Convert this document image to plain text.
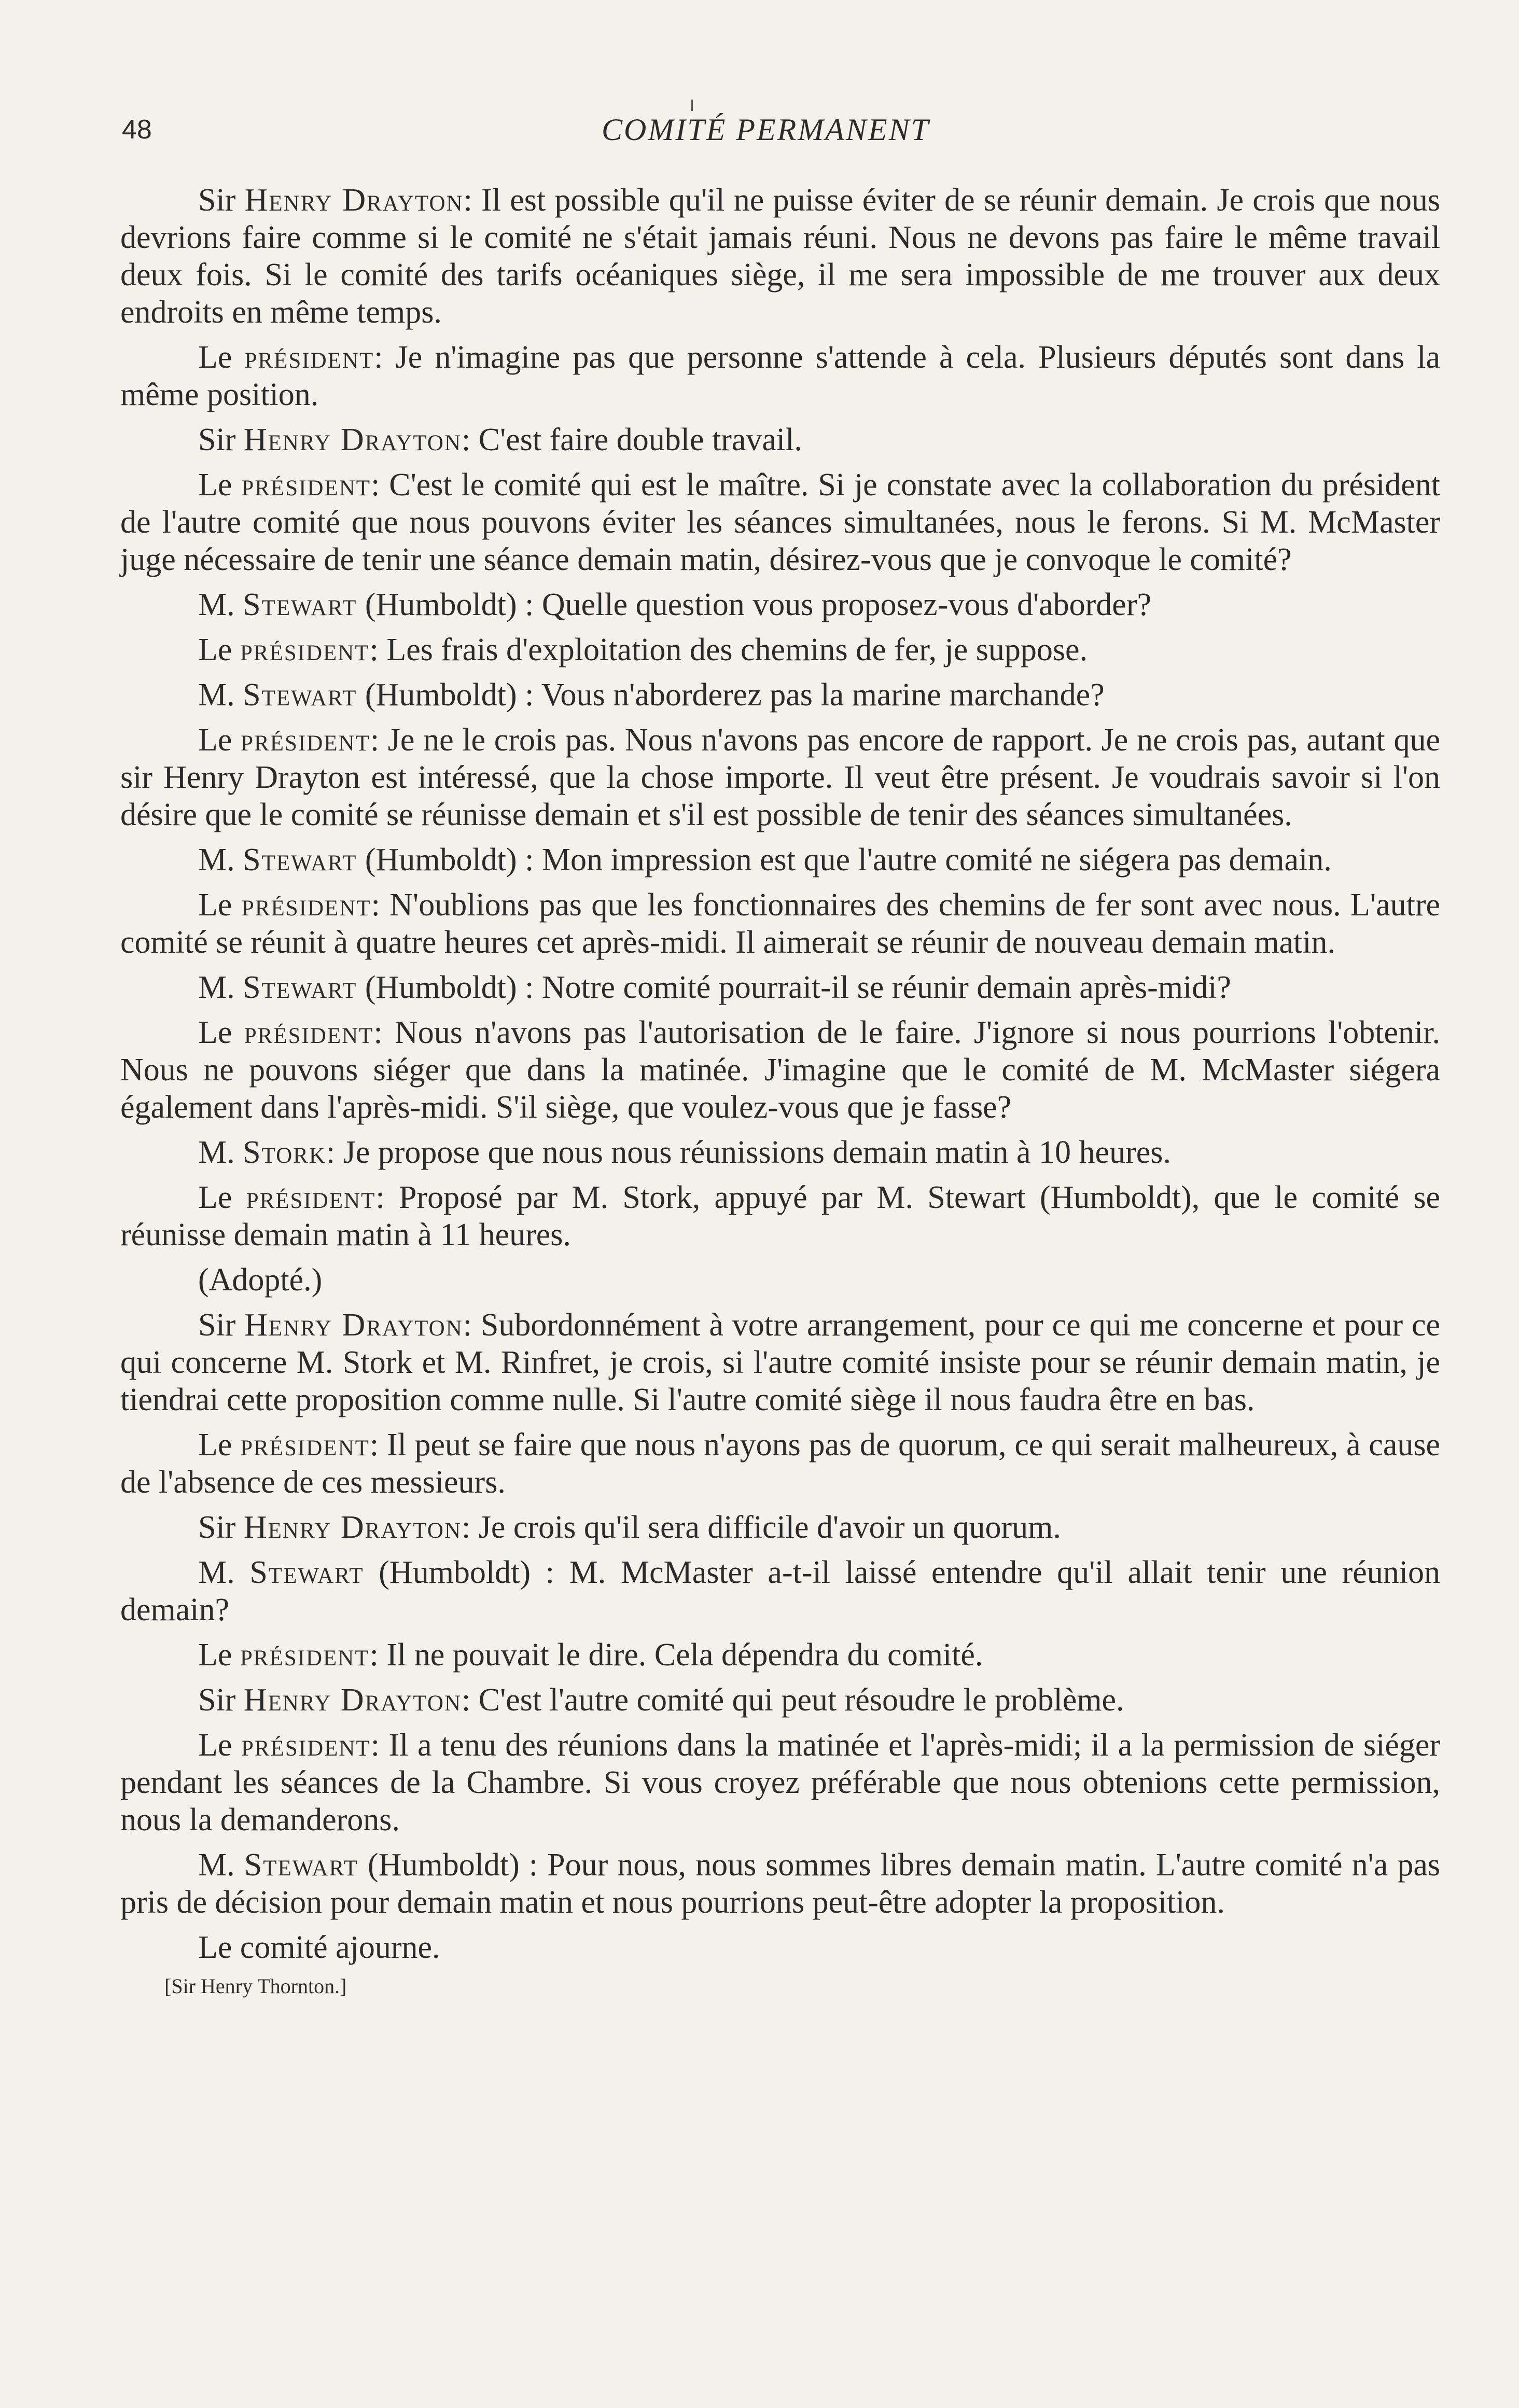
48	COMITÉ PERMANENT

Sir Henry Drayton: Il est possible qu'il ne puisse éviter de se réunir demain. Je crois que nous devrions faire comme si le comité ne s'était jamais réuni. Nous ne devons pas faire le même travail deux fois. Si le comité des tarifs océaniques siège, il me sera impossible de me trouver aux deux endroits en même temps.

Le président: Je n'imagine pas que personne s'attende à cela. Plusieurs députés sont dans la même position.

Sir Henry Drayton: C'est faire double travail.

Le président: C'est le comité qui est le maître. Si je constate avec la collaboration du président de l'autre comité que nous pouvons éviter les séances simultanées, nous le ferons. Si M. McMaster juge nécessaire de tenir une séance demain matin, désirez-vous que je convoque le comité?

M. Stewart (Humboldt) : Quelle question vous proposez-vous d'aborder?

Le président: Les frais d'exploitation des chemins de fer, je suppose.

M. Stewart (Humboldt) : Vous n'aborderez pas la marine marchande?

Le président: Je ne le crois pas. Nous n'avons pas encore de rapport. Je ne crois pas, autant que sir Henry Drayton est intéressé, que la chose importe. Il veut être présent. Je voudrais savoir si l'on désire que le comité se réunisse demain et s'il est possible de tenir des séances simultanées.

M. Stewart (Humboldt) : Mon impression est que l'autre comité ne siégera pas demain.

Le président: N'oublions pas que les fonctionnaires des chemins de fer sont avec nous. L'autre comité se réunit à quatre heures cet après-midi. Il aimerait se réunir de nouveau demain matin.

M. Stewart (Humboldt) : Notre comité pourrait-il se réunir demain après-midi?

Le président: Nous n'avons pas l'autorisation de le faire. J'ignore si nous pourrions l'obtenir. Nous ne pouvons siéger que dans la matinée. J'imagine que le comité de M. McMaster siégera également dans l'après-midi. S'il siège, que voulez-vous que je fasse?

M. Stork: Je propose que nous nous réunissions demain matin à 10 heures.

Le président: Proposé par M. Stork, appuyé par M. Stewart (Humboldt), que le comité se réunisse demain matin à 11 heures.

(Adopté.)

Sir Henry Drayton: Subordonnément à votre arrangement, pour ce qui me concerne et pour ce qui concerne M. Stork et M. Rinfret, je crois, si l'autre comité insiste pour se réunir demain matin, je tiendrai cette proposition comme nulle. Si l'autre comité siège il nous faudra être en bas.

Le président: Il peut se faire que nous n'ayons pas de quorum, ce qui serait malheureux, à cause de l'absence de ces messieurs.

Sir Henry Drayton: Je crois qu'il sera difficile d'avoir un quorum.

M. Stewart (Humboldt) : M. McMaster a-t-il laissé entendre qu'il allait tenir une réunion demain?

Le président: Il ne pouvait le dire. Cela dépendra du comité.

Sir Henry Drayton: C'est l'autre comité qui peut résoudre le problème.

Le président: Il a tenu des réunions dans la matinée et l'après-midi; il a la permission de siéger pendant les séances de la Chambre. Si vous croyez préférable que nous obtenions cette permission, nous la demanderons.

M. Stewart (Humboldt) : Pour nous, nous sommes libres demain matin. L'autre comité n'a pas pris de décision pour demain matin et nous pourrions peut-être adopter la proposition.

Le comité ajourne.

[Sir Henry Thornton.]
